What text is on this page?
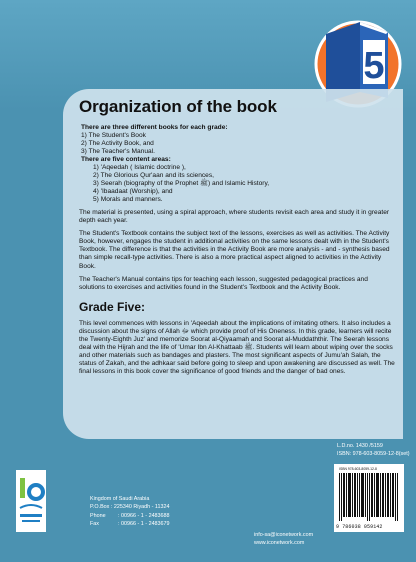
5
Organization of the book
There are three different books for each grade:
1) The Student's Book
2) The Activity Book, and
3) The Teacher's Manual.
There are five content areas:
1) 'Aqeedah ( Islamic doctrine ),
2) The Glorious Qur'aan and its sciences,
3) Seerah (biography of the Prophet ﷺ) and Islamic History,
4) 'Ibaadaat (Worship), and
5) Morals and manners.

The material is presented, using a spiral approach, where students revisit each area and study it in greater depth each year.

The Student's Textbook contains the subject text of the lessons, exercises as well as activities. The Activity Book, however, engages the student in additional activities on the same lessons dealt with in the Student's Textbook. The difference is that the activities in the Activity Book are more analysis - and - synthesis based than simple recall-type activities. There is also a more practical aspect aligned to activities in the Activity Book.

The Teacher's Manual contains tips for teaching each lesson, suggested pedagogical practices and solutions to exercises and activities found in the Student's Textbook and the Activity Book.

Grade Five:

This level commences with lessons in 'Aqeedah about the implications of imitating others. It also includes a discussion about the signs of Allah ﷻ which provide proof of His Oneness. In this grade, learners will recite the Twenty-Eighth Juz' and memorize Soorat al-Qiyaamah and Soorat al-Muddaththir. The Seerah lessons deal with the Hijrah and the life of 'Umar Ibn Al-Khattaab ﷺ. Students will learn about wiping over the socks and other materials such as bandages and plasters. The most significant aspects of Jumu'ah Salah, the status of Zakah, and the adhkaar said before going to sleep and upon awakening are discussed as well. The final lessons in this book cover the significance of good friends and the danger of bad ones.

L.D.no. 1430 /5159
ISBN: 978-603-8059-12-8(set)
ISBN 978-603-8059-12-8
9 786038 059142
Kingdom of Saudi Arabia
P.O.Box : 225340 Riyadh - 11324
Phone	: 00966 - 1 - 2483688
Fax	: 00966 - 1 - 2483679
info-sa@iconetwork.com
www.iconetwork.com
